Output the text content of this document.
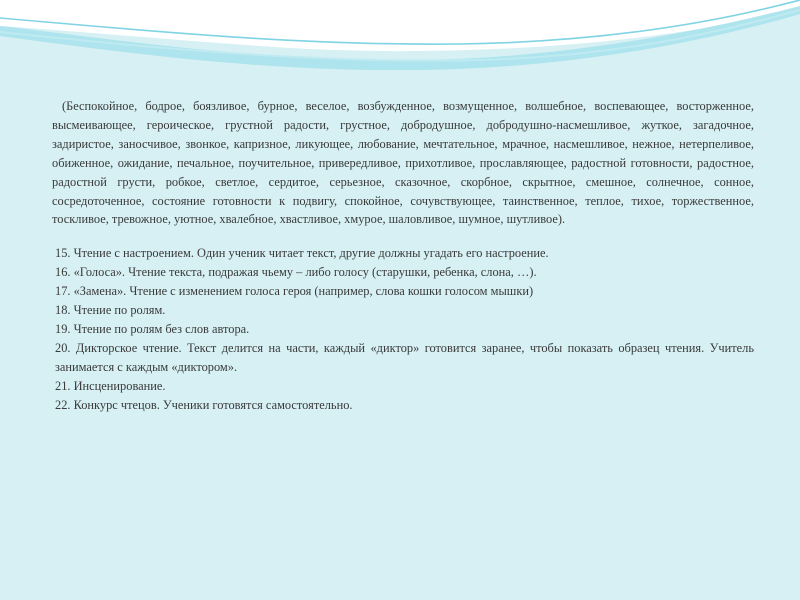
(Беспокойное, бодрое, боязливое, бурное, веселое, возбужденное, возмущенное, волшебное, воспевающее, восторженное, высмеивающее, героическое, грустной радости, грустное, добродушное, добродушно-насмешливое, жуткое, загадочное, задиристое, заносчивое, звонкое, капризное, ликующее, любование, мечтательное, мрачное, насмешливое, нежное, нетерпеливое, обиженное, ожидание, печальное, поучительное, привередливое, прихотливое, прославляющее, радостной готовности, радостное, радостной грусти, робкое, светлое, сердитое, серьезное, сказочное, скорбное, скрытное, смешное, солнечное, сонное, сосредоточенное, состояние готовности к подвигу, спокойное, сочувствующее, таинственное, теплое, тихое, торжественное, тоскливое, тревожное, уютное, хвалебное, хвастливое, хмурое, шаловливое, шумное, шутливое).

15. Чтение с настроением. Один ученик читает текст, другие должны угадать его настроение.
16. «Голоса». Чтение текста, подражая чьему – либо голосу (старушки, ребенка, слона, …).
17. «Замена». Чтение с изменением голоса героя (например, слова кошки голосом мышки)
18. Чтение по ролям.
19. Чтение по ролям без слов автора.
20. Дикторское чтение. Текст делится на части, каждый «диктор» готовится заранее, чтобы показать образец чтения. Учитель занимается с каждым «диктором».
21. Инсценирование.
22. Конкурс чтецов. Ученики готовятся самостоятельно.
